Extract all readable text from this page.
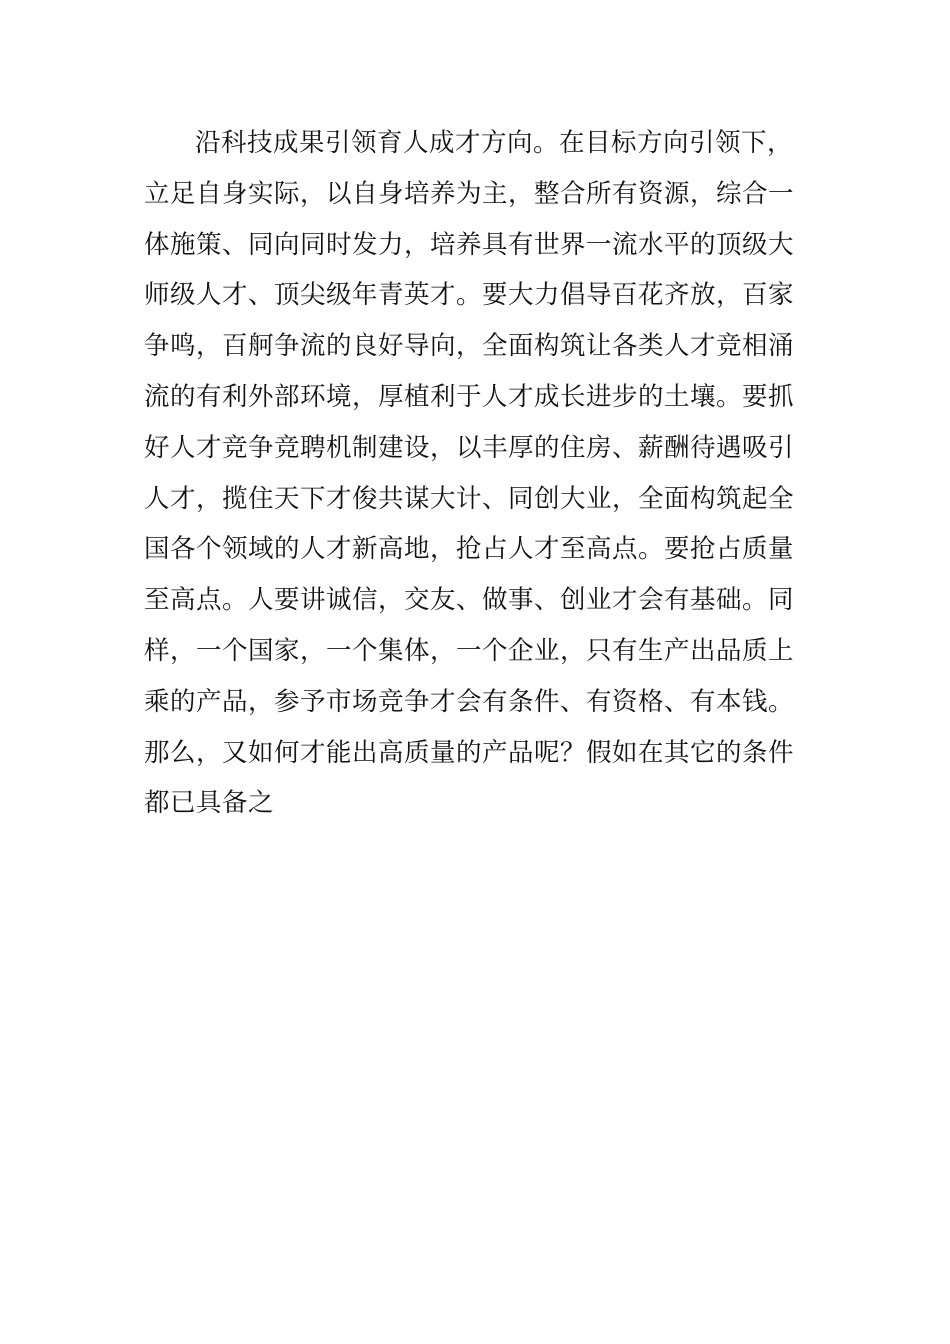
沿科技成果引领育人成才方向。在目标方向引领下，
立足自身实际，以自身培养为主，整合所有资源，综合一
体施策、同向同时发力，培养具有世界一流水平的顶级大
师级人才、顶尖级年青英才。要大力倡导百花齐放，百家
争鸣，百舸争流的良好导向，全面构筑让各类人才竞相涌
流的有利外部环境，厚植利于人才成长进步的土壤。要抓
好人才竞争竞聘机制建设，以丰厚的住房、薪酬待遇吸引
人才，揽住天下才俊共谋大计、同创大业，全面构筑起全
国各个领域的人才新高地，抢占人才至高点。要抢占质量
至高点。人要讲诚信，交友、做事、创业才会有基础。同
样，一个国家，一个集体，一个企业，只有生产出品质上
乘的产品，参予市场竞争才会有条件、有资格、有本钱。
那么，又如何才能出高质量的产品呢？假如在其它的条件
都已具备之
